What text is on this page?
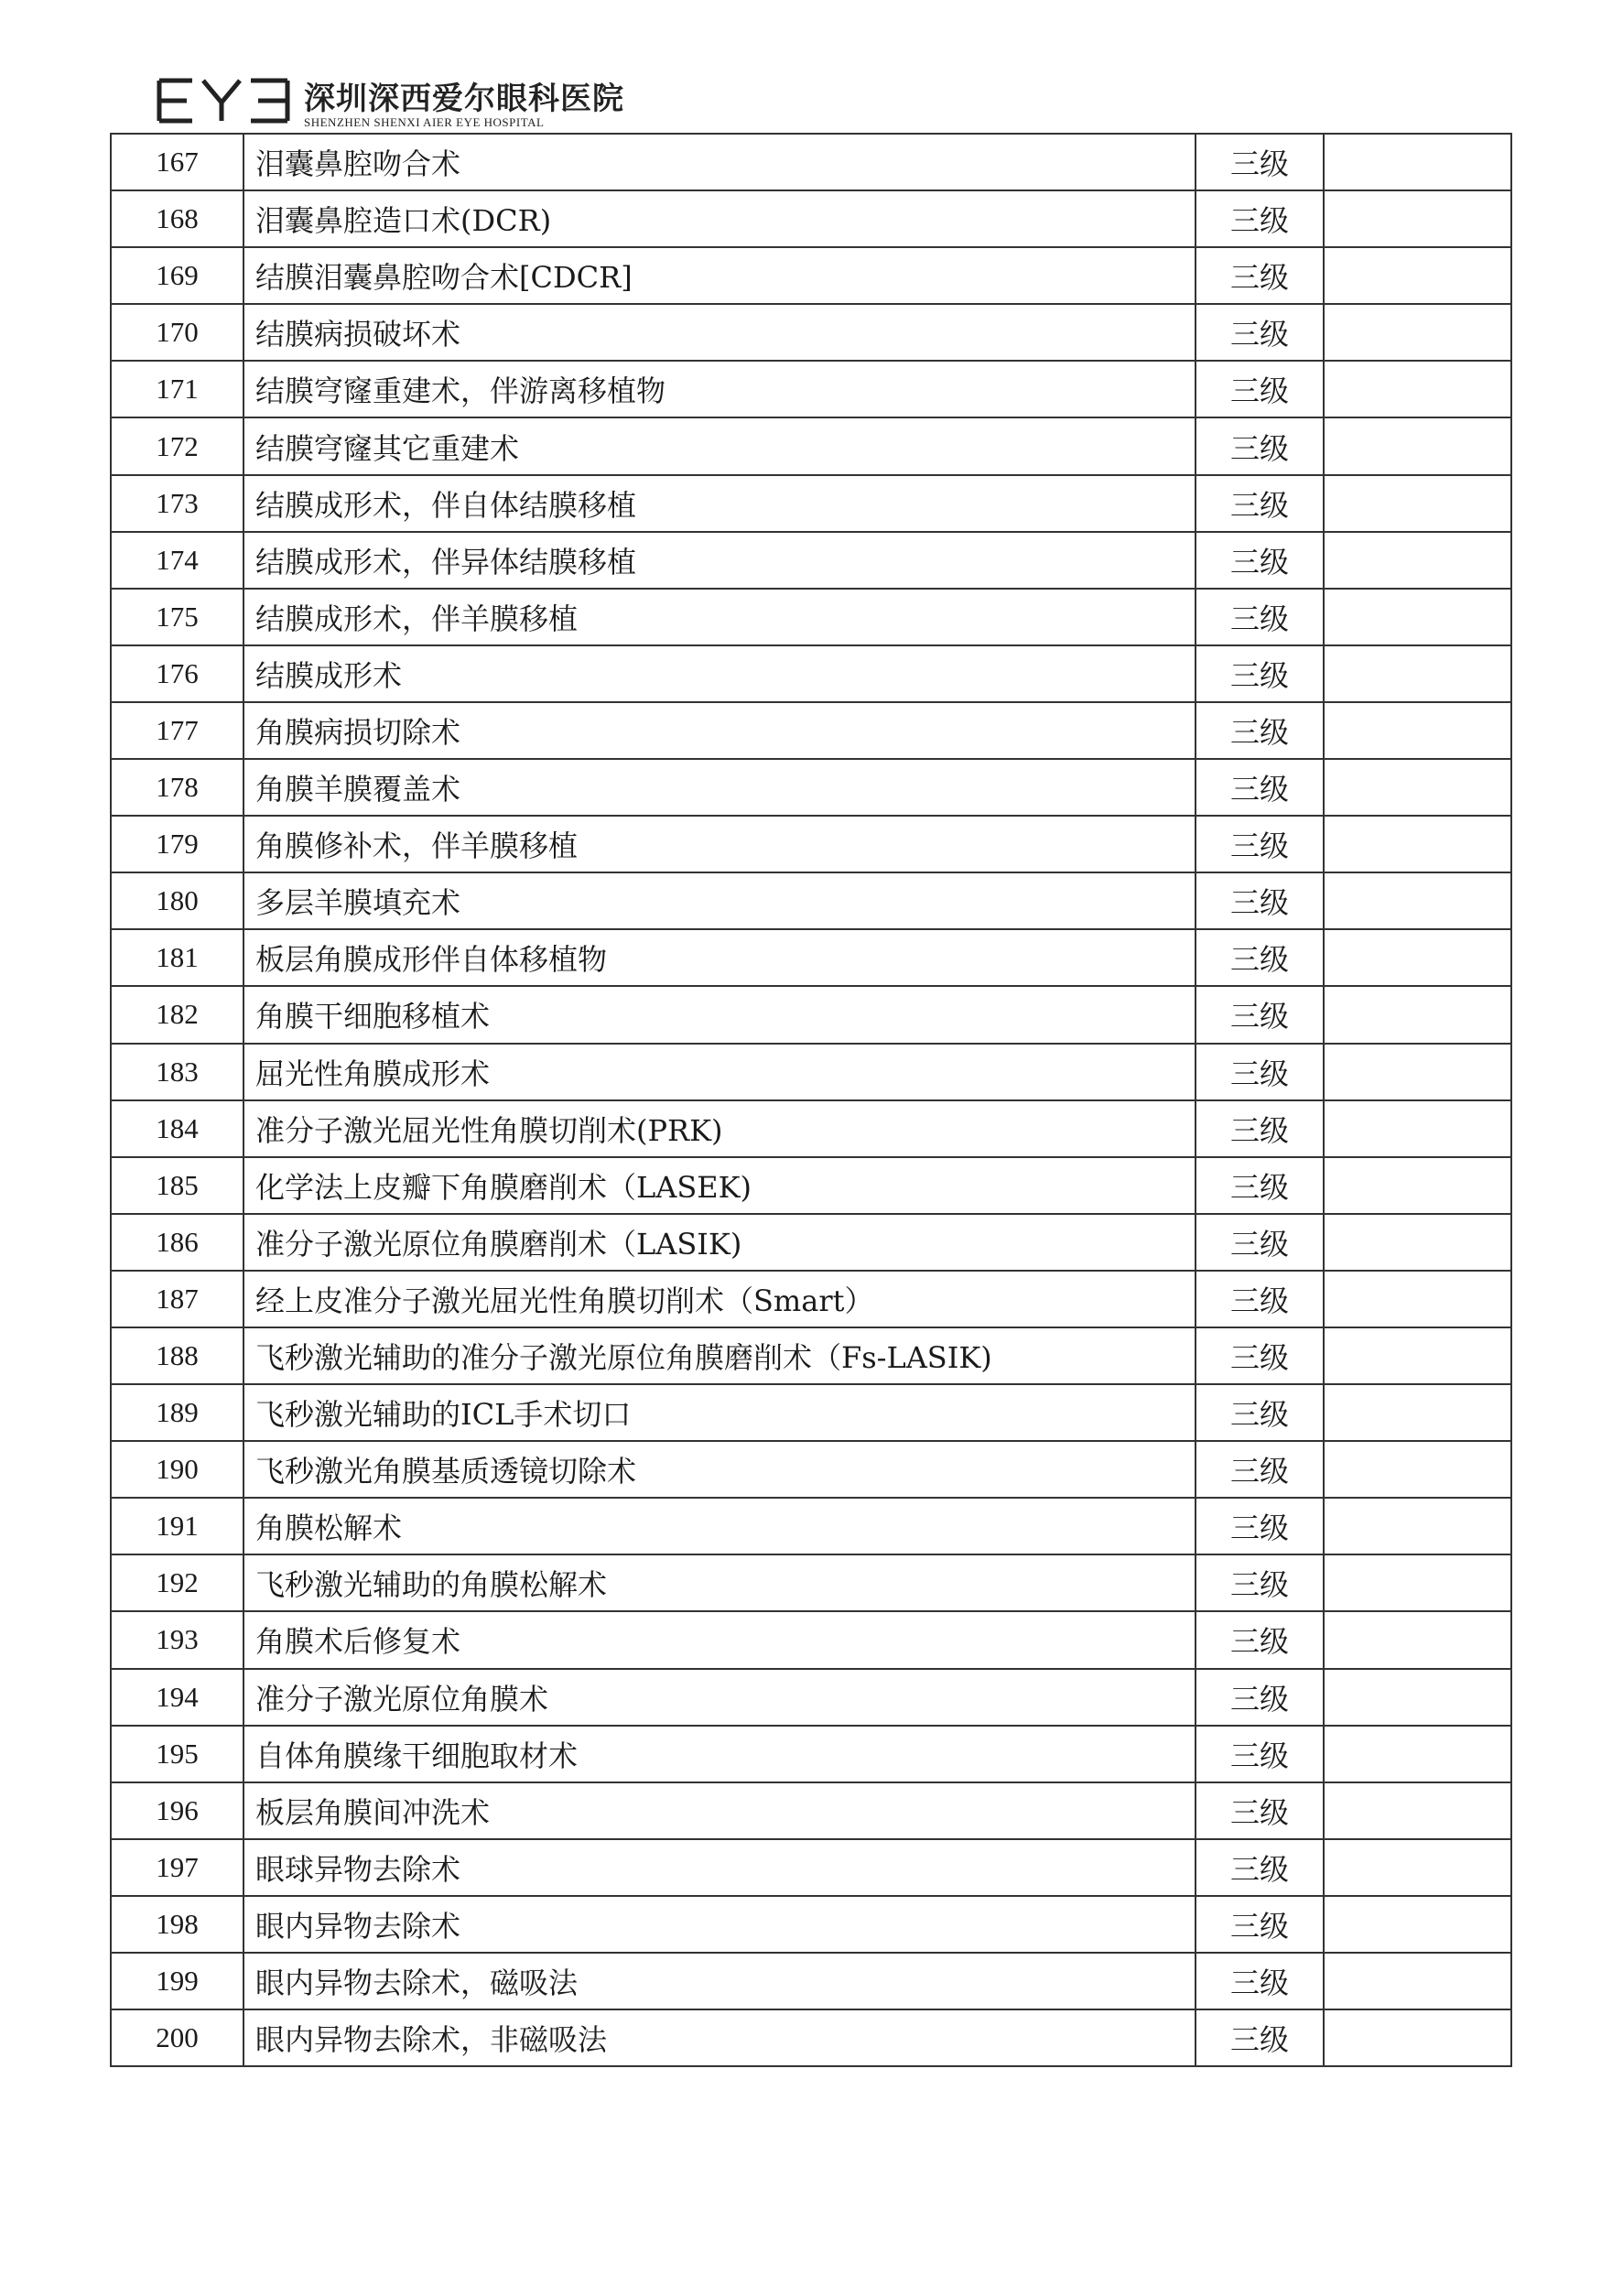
深圳深西爱尔眼科医院
SHENZHEN SHENXI AIER EYE HOSPITAL
167	泪囊鼻腔吻合术	三级	
168	泪囊鼻腔造口术(DCR)	三级	
169	结膜泪囊鼻腔吻合术[CDCR]	三级	
170	结膜病损破坏术	三级	
171	结膜穹窿重建术，伴游离移植物	三级	
172	结膜穹窿其它重建术	三级	
173	结膜成形术，伴自体结膜移植	三级	
174	结膜成形术，伴异体结膜移植	三级	
175	结膜成形术，伴羊膜移植	三级	
176	结膜成形术	三级	
177	角膜病损切除术	三级	
178	角膜羊膜覆盖术	三级	
179	角膜修补术，伴羊膜移植	三级	
180	多层羊膜填充术	三级	
181	板层角膜成形伴自体移植物	三级	
182	角膜干细胞移植术	三级	
183	屈光性角膜成形术	三级	
184	准分子激光屈光性角膜切削术(PRK)	三级	
185	化学法上皮瓣下角膜磨削术（LASEK)	三级	
186	准分子激光原位角膜磨削术（LASIK)	三级	
187	经上皮准分子激光屈光性角膜切削术（Smart）	三级	
188	飞秒激光辅助的准分子激光原位角膜磨削术（Fs-LASIK)	三级	
189	飞秒激光辅助的ICL手术切口	三级	
190	飞秒激光角膜基质透镜切除术	三级	
191	角膜松解术	三级	
192	飞秒激光辅助的角膜松解术	三级	
193	角膜术后修复术	三级	
194	准分子激光原位角膜术	三级	
195	自体角膜缘干细胞取材术	三级	
196	板层角膜间冲洗术	三级	
197	眼球异物去除术	三级	
198	眼内异物去除术	三级	
199	眼内异物去除术，磁吸法	三级	
200	眼内异物去除术，非磁吸法	三级	
